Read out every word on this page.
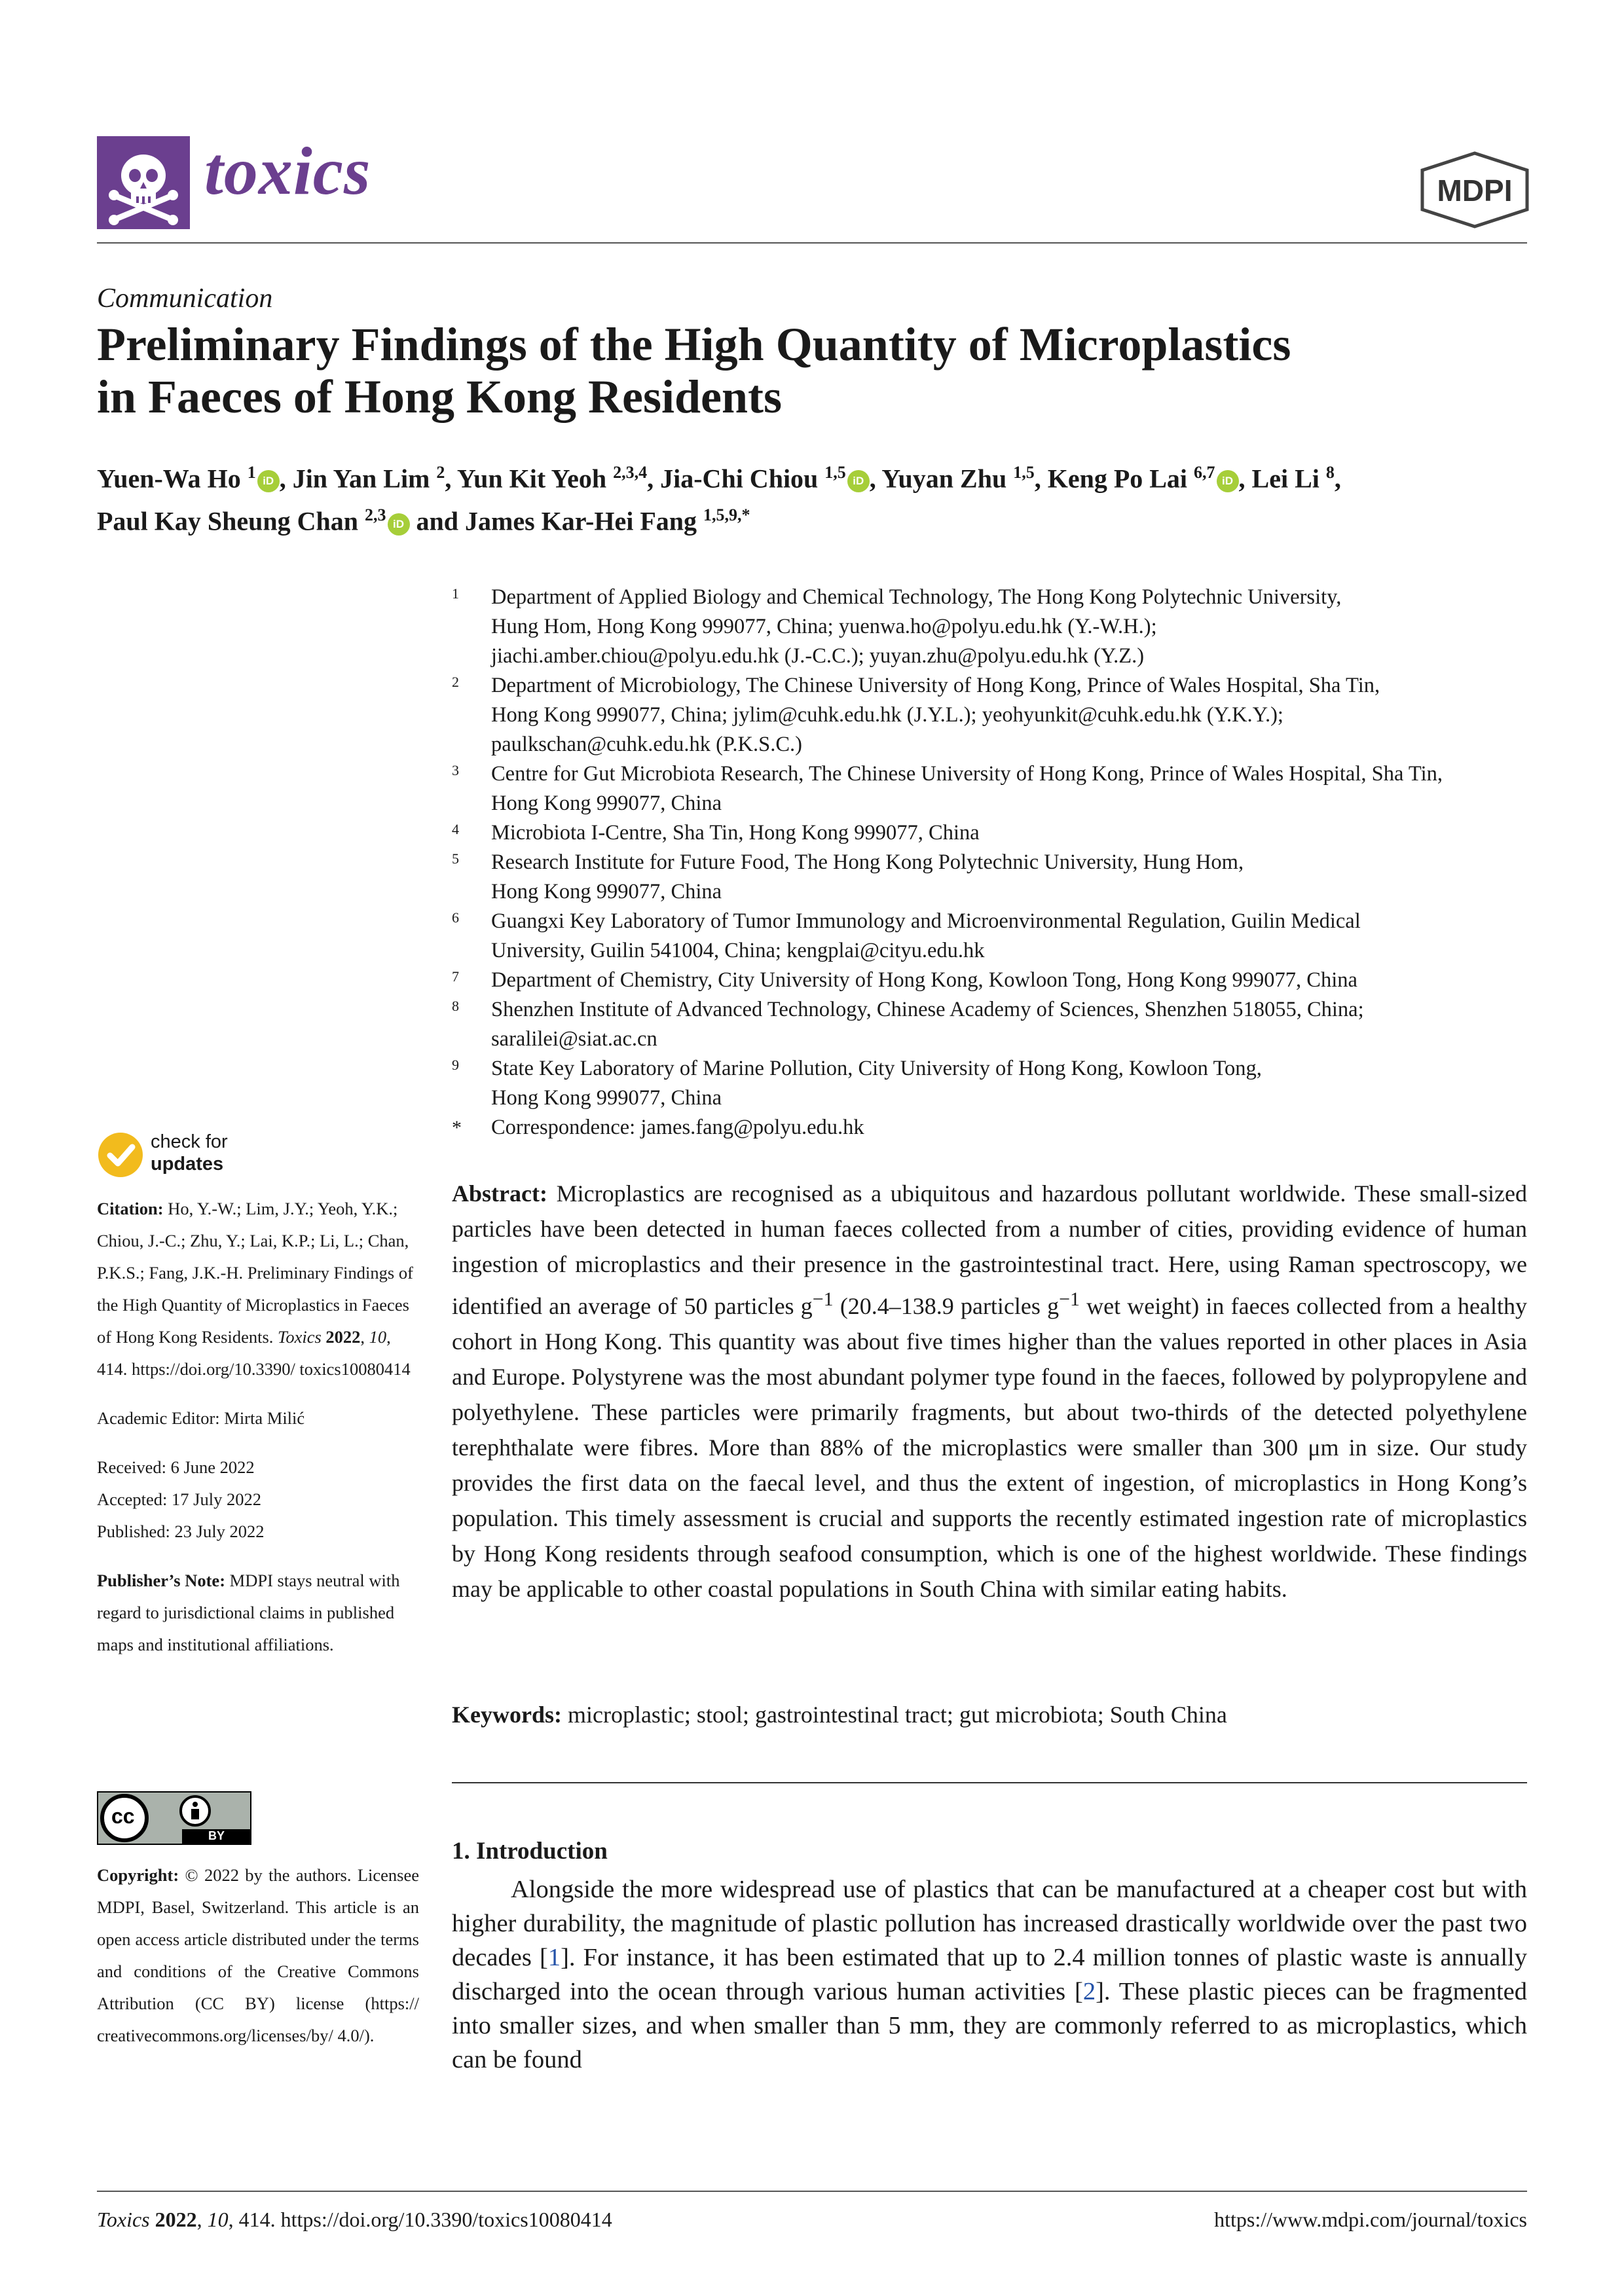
toxics	MDPI
Communication
Preliminary Findings of the High Quantity of Microplastics
in Faeces of Hong Kong Residents
Yuen-Wa Ho $^1$ iD , Jin Yan Lim $^2$, Yun Kit Yeoh $^{2,3,4}$, Jia-Chi Chiou $^{1,5}$ iD , Yuyan Zhu $^{1,5}$, Keng Po Lai $^{6,7}$ iD , Lei Li $^8$,
Paul Kay Sheung Chan $^{2,3}$ iD and James Kar-Hei Fang $^{1,5,9,*}$
1 Department of Applied Biology and Chemical Technology, The Hong Kong Polytechnic University,
Hung Hom, Hong Kong 999077, China; yuenwa.ho@polyu.edu.hk (Y.-W.H.);
jiachi.amber.chiou@polyu.edu.hk (J.-C.C.); yuyan.zhu@polyu.edu.hk (Y.Z.)
2 Department of Microbiology, The Chinese University of Hong Kong, Prince of Wales Hospital, Sha Tin,
Hong Kong 999077, China; jylim@cuhk.edu.hk (J.Y.L.); yeohyunkit@cuhk.edu.hk (Y.K.Y.);
paulkschan@cuhk.edu.hk (P.K.S.C.)
3 Centre for Gut Microbiota Research, The Chinese University of Hong Kong, Prince of Wales Hospital, Sha Tin,
Hong Kong 999077, China
4 Microbiota I-Centre, Sha Tin, Hong Kong 999077, China
5 Research Institute for Future Food, The Hong Kong Polytechnic University, Hung Hom,
Hong Kong 999077, China
6 Guangxi Key Laboratory of Tumor Immunology and Microenvironmental Regulation, Guilin Medical
University, Guilin 541004, China; kengplai@cityu.edu.hk
7 Department of Chemistry, City University of Hong Kong, Kowloon Tong, Hong Kong 999077, China
8 Shenzhen Institute of Advanced Technology, Chinese Academy of Sciences, Shenzhen 518055, China;
saralilei@siat.ac.cn
9 State Key Laboratory of Marine Pollution, City University of Hong Kong, Kowloon Tong,
Hong Kong 999077, China
* Correspondence: james.fang@polyu.edu.hk
check for
updates

Citation: Ho, Y.-W.; Lim, J.Y.; Yeoh, Y.K.; Chiou, J.-C.; Zhu, Y.; Lai, K.P.; Li, L.; Chan, P.K.S.; Fang, J.K.-H. Preliminary Findings of the High Quantity of Microplastics in Faeces of Hong Kong Residents. Toxics 2022, 10, 414. https://doi.org/10.3390/ toxics10080414

Academic Editor: Mirta Milić

Received: 6 June 2022

Accepted: 17 July 2022

Published: 23 July 2022

Publisher’s Note: MDPI stays neutral with regard to jurisdictional claims in published maps and institutional affiliations.

cc
BY
Copyright: © 2022 by the authors. Licensee MDPI, Basel, Switzerland. This article is an open access article distributed under the terms and conditions of the Creative Commons Attribution (CC BY) license (https:// creativecommons.org/licenses/by/ 4.0/).

Abstract: Microplastics are recognised as a ubiquitous and hazardous pollutant worldwide. These small-sized particles have been detected in human faeces collected from a number of cities, providing evidence of human ingestion of microplastics and their presence in the gastrointestinal tract. Here, using Raman spectroscopy, we identified an average of 50 particles $g^{-1}$ (20.4–138.9 particles $g^{-1}$ wet weight) in faeces collected from a healthy cohort in Hong Kong. This quantity was about five times higher than the values reported in other places in Asia and Europe. Polystyrene was the most abundant polymer type found in the faeces, followed by polypropylene and polyethylene. These particles were primarily fragments, but about two-thirds of the detected polyethylene terephthalate were fibres. More than 88% of the microplastics were smaller than 300 μm in size. Our study provides the first data on the faecal level, and thus the extent of ingestion, of microplastics in Hong Kong’s population. This timely assessment is crucial and supports the recently estimated ingestion rate of microplastics by Hong Kong residents through seafood consumption, which is one of the highest worldwide. These findings may be applicable to other coastal populations in South China with similar eating habits.

Keywords: microplastic; stool; gastrointestinal tract; gut microbiota; South China

1. Introduction

Alongside the more widespread use of plastics that can be manufactured at a cheaper cost but with higher durability, the magnitude of plastic pollution has increased drastically worldwide over the past two decades [1]. For instance, it has been estimated that up to 2.4 million tonnes of plastic waste is annually discharged into the ocean through various human activities [2]. These plastic pieces can be fragmented into smaller sizes, and when smaller than 5 mm, they are commonly referred to as microplastics, which can be found

Toxics 2022, 10, 414. https://doi.org/10.3390/toxics10080414	https://www.mdpi.com/journal/toxics
